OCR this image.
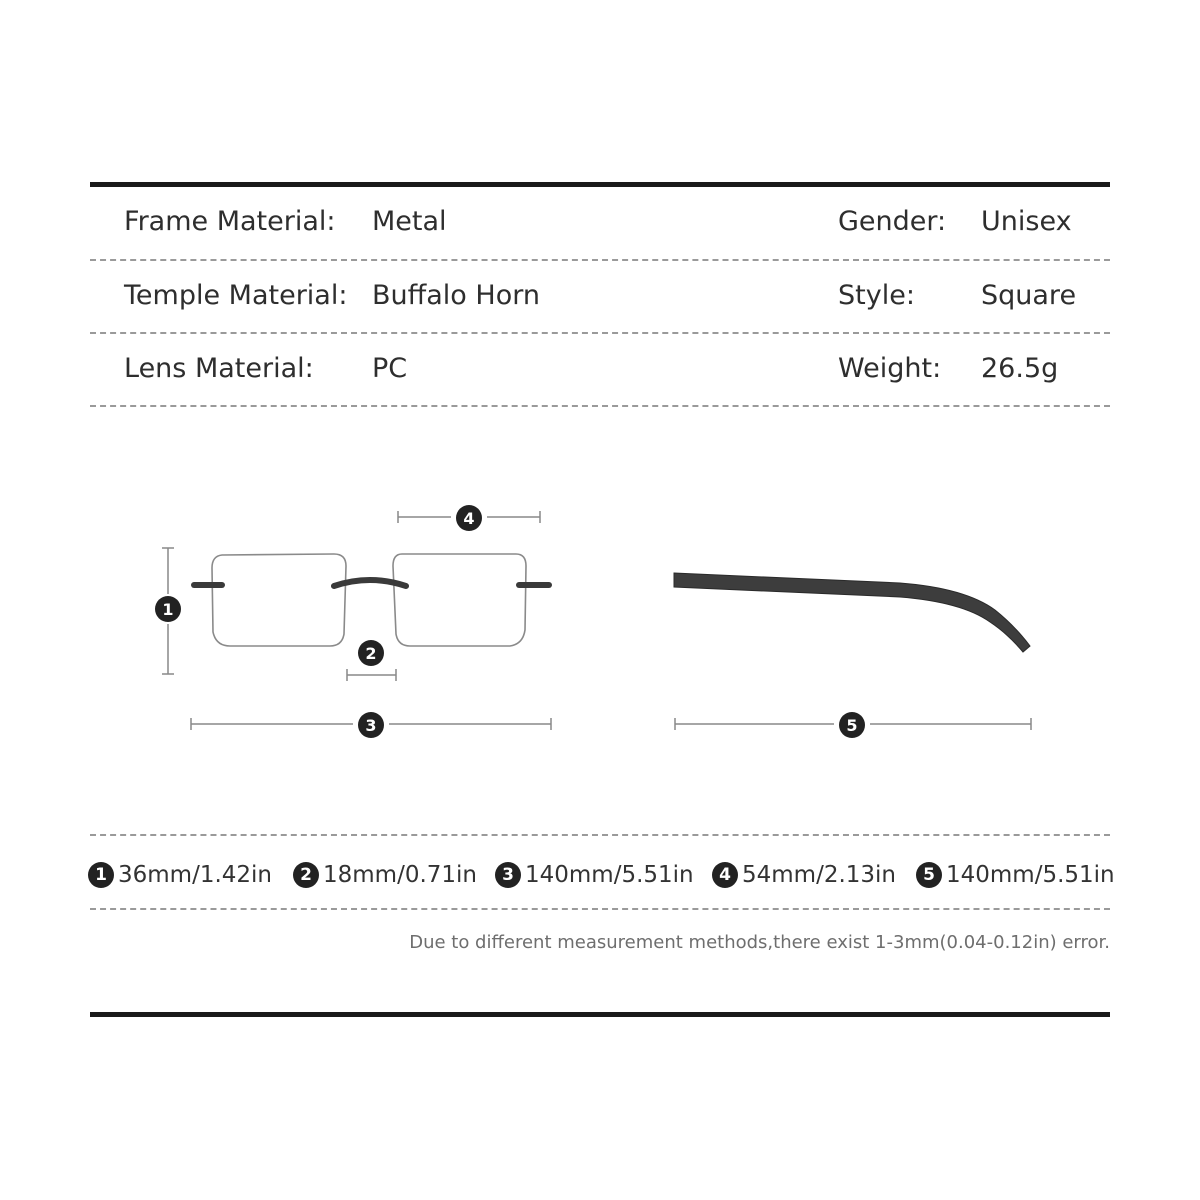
Frame Material: Metal	Gender: Unisex
Temple Material: Buffalo Horn	Style: Square
Lens Material: PC	Weight: 26.5g
1
2
3
4
5
1 36mm/1.42in	2 18mm/0.71in	3 140mm/5.51in	4 54mm/2.13in	5 140mm/5.51in
Due to different measurement methods,there exist 1-3mm(0.04-0.12in) error.
